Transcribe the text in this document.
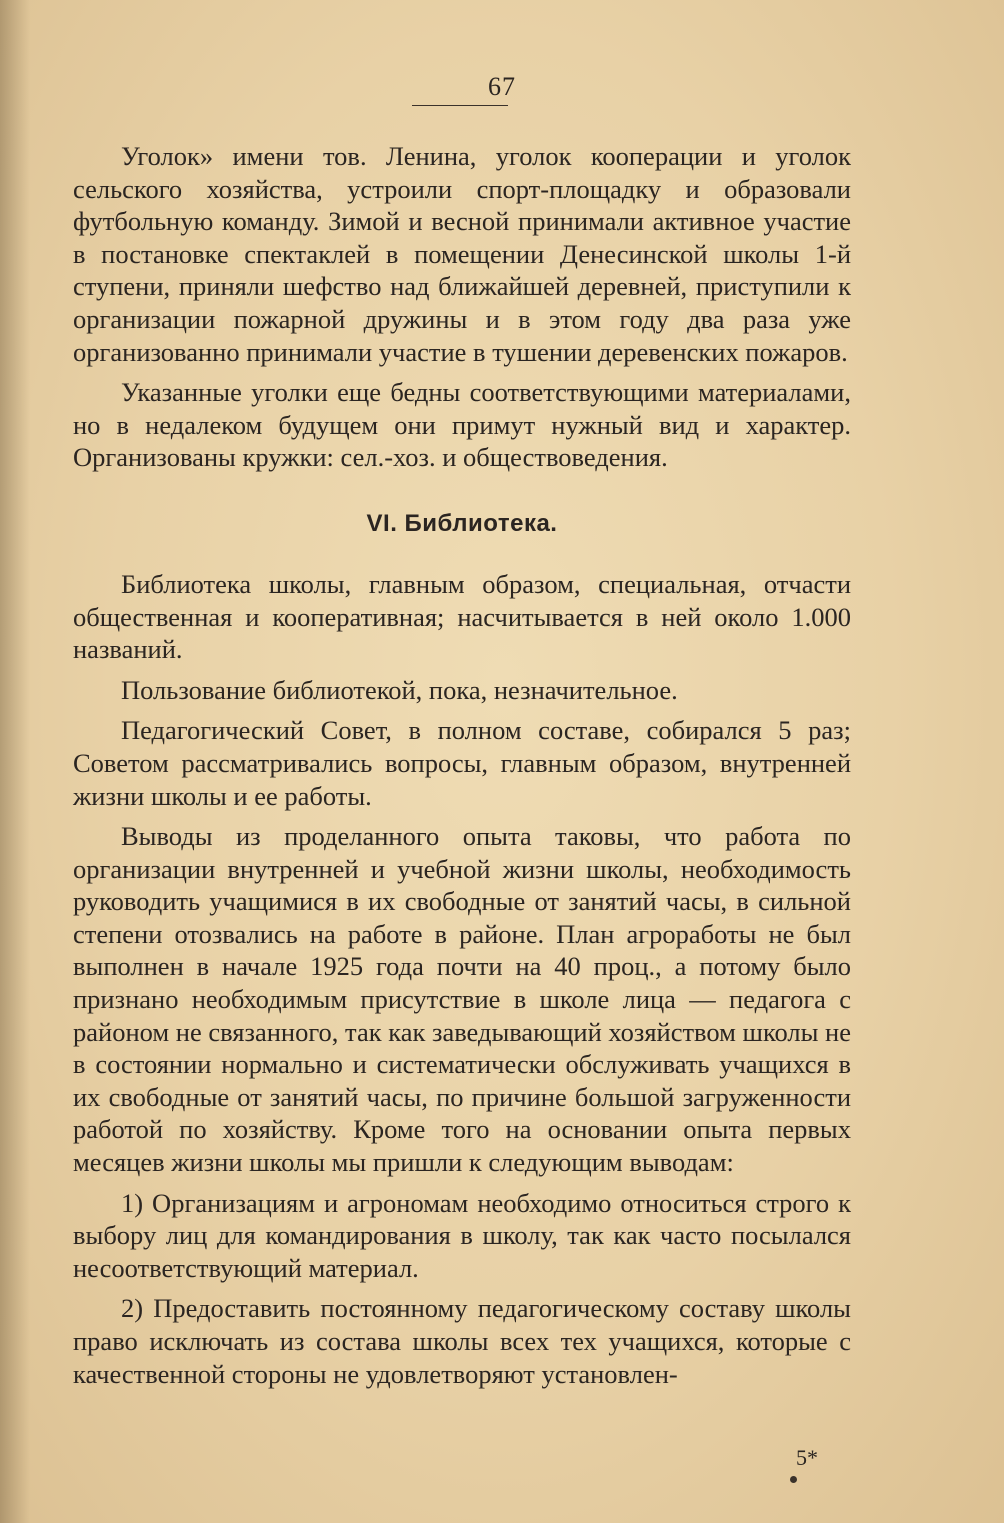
67

Уголок» имени тов. Ленина, уголок кооперации и уголок сельского хозяйства, устроили спорт-площадку и образовали футбольную команду. Зимой и весной принимали активное участие в постановке спектаклей в помещении Денесинской школы 1-й ступени, приняли шефство над ближайшей деревней, приступили к организации пожарной дружины и в этом году два раза уже организованно принимали участие в тушении деревенских пожаров.

Указанные уголки еще бедны соответствующими материалами, но в недалеком будущем они примут нужный вид и характер. Организованы кружки: сел.-хоз. и обществоведения.

VI. Библиотека.

Библиотека школы, главным образом, специальная, отчасти общественная и кооперативная; насчитывается в ней около 1.000 названий.

Пользование библиотекой, пока, незначительное.

Педагогический Совет, в полном составе, собирался 5 раз; Советом рассматривались вопросы, главным образом, внутренней жизни школы и ее работы.

Выводы из проделанного опыта таковы, что работа по организации внутренней и учебной жизни школы, необходимость руководить учащимися в их свободные от занятий часы, в сильной степени отозвались на работе в районе. План агроработы не был выполнен в начале 1925 года почти на 40 проц., а потому было признано необходимым присутствие в школе лица — педагога с районом не связанного, так как заведывающий хозяйством школы не в состоянии нормально и систематически обслуживать учащихся в их свободные от занятий часы, по причине большой загруженности работой по хозяйству. Кроме того на основании опыта первых месяцев жизни школы мы пришли к следующим выводам:

1) Организациям и агрономам необходимо относиться строго к выбору лиц для командирования в школу, так как часто посылался несоответствующий материал.

2) Предоставить постоянному педагогическому составу школы право исключать из состава школы всех тех учащихся, которые с качественной стороны не удовлетворяют установлен-

5*
